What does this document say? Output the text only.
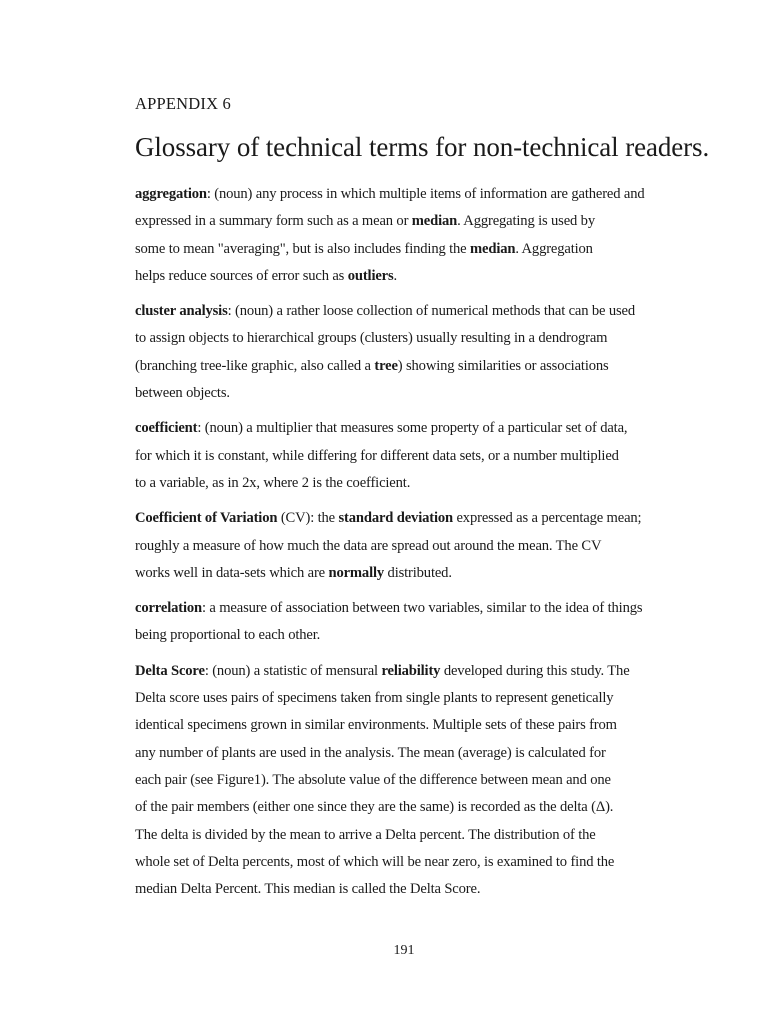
APPENDIX 6
Glossary of technical terms for non-technical readers.
aggregation: (noun) any process in which multiple items of information are gathered and
expressed in a summary form such as a mean or median. Aggregating is used by
some to mean "averaging", but is also includes finding the median. Aggregation
helps reduce sources of error such as outliers.
cluster analysis: (noun) a rather loose collection of numerical methods that can be used
to assign objects to hierarchical groups (clusters) usually resulting in a dendrogram
(branching tree-like graphic, also called a tree) showing similarities or associations
between objects.
coefficient: (noun) a multiplier that measures some property of a particular set of data,
for which it is constant, while differing for different data sets, or a number multiplied
to a variable, as in 2x, where 2 is the coefficient.
Coefficient of Variation (CV): the standard deviation expressed as a percentage mean;
roughly a measure of how much the data are spread out around the mean. The CV
works well in data-sets which are normally distributed.
correlation: a measure of association between two variables, similar to the idea of things
being proportional to each other.
Delta Score: (noun) a statistic of mensural reliability developed during this study. The
Delta score uses pairs of specimens taken from single plants to represent genetically
identical specimens grown in similar environments. Multiple sets of these pairs from
any number of plants are used in the analysis. The mean (average) is calculated for
each pair (see Figure1). The absolute value of the difference between mean and one
of the pair members (either one since they are the same) is recorded as the delta (Δ).
The delta is divided by the mean to arrive a Delta percent. The distribution of the
whole set of Delta percents, most of which will be near zero, is examined to find the
median Delta Percent. This median is called the Delta Score.
191
